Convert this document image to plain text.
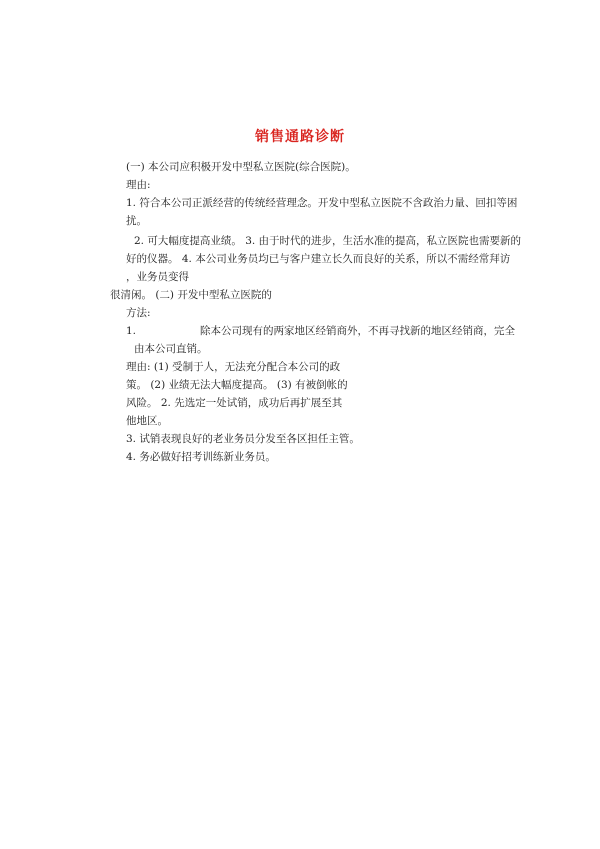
销售通路诊断
(一) 本公司应积极开发中型私立医院(综合医院)。
理由:
1. 符合本公司正派经营的传统经营理念。开发中型私立医院不含政治力量、回扣等困
扰。
2. 可大幅度提高业绩。 3. 由于时代的进步，生活水准的提高，私立医院也需要新的
好的仪器。 4. 本公司业务员均已与客户建立长久而良好的关系，所以不需经常拜访
，业务员变得
很清闲。 (二) 开发中型私立医院的
方法:
1.	除本公司现有的两家地区经销商外，不再寻找新的地区经销商，完全
由本公司直销。
理由: (1) 受制于人，无法充分配合本公司的政
策。 (2) 业绩无法大幅度提高。 (3) 有被倒帐的
风险。 2. 先选定一处试销，成功后再扩展至其
他地区。
3. 试销表现良好的老业务员分发至各区担任主管。
4. 务必做好招考训练新业务员。
